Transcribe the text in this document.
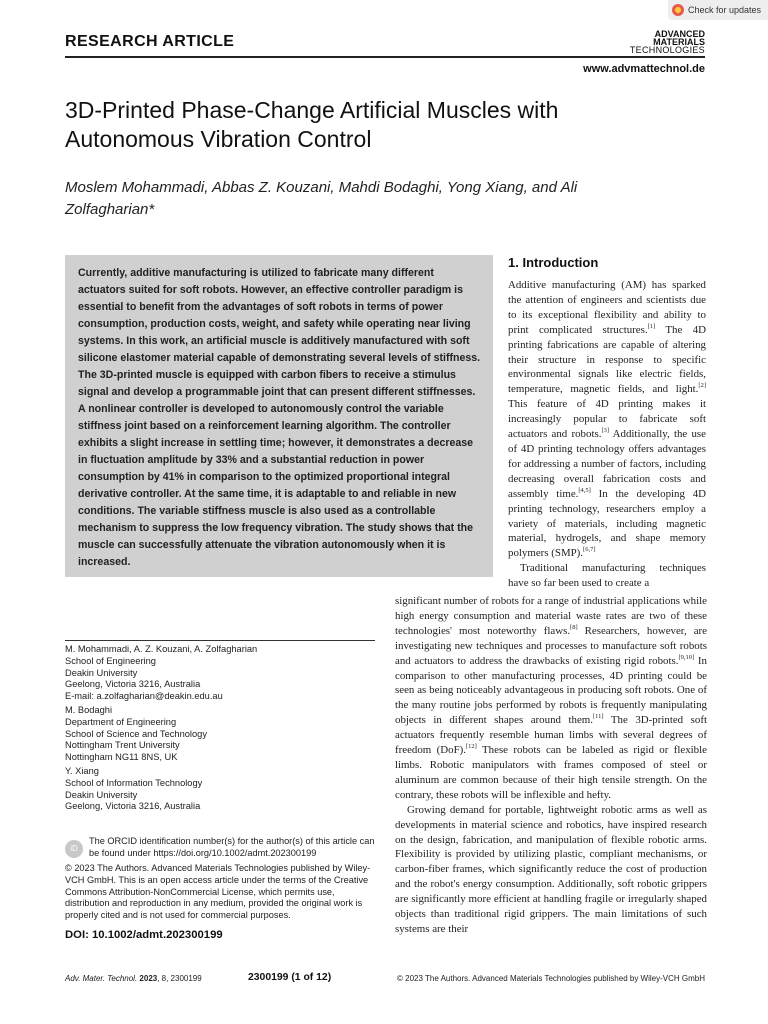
Check for updates
RESEARCH ARTICLE	ADVANCED
MATERIALS
TECHNOLOGIES
www.advmattechnol.de
3D-Printed Phase-Change Artificial Muscles with Autonomous Vibration Control

Moslem Mohammadi, Abbas Z. Kouzani, Mahdi Bodaghi, Yong Xiang, and Ali Zolfagharian*

Currently, additive manufacturing is utilized to fabricate many different actuators suited for soft robots. However, an effective controller paradigm is essential to benefit from the advantages of soft robots in terms of power consumption, production costs, weight, and safety while operating near living systems. In this work, an artificial muscle is additively manufactured with soft silicone elastomer material capable of demonstrating several levels of stiffness. The 3D-printed muscle is equipped with carbon fibers to receive a stimulus signal and develop a programmable joint that can present different stiffnesses. A nonlinear controller is developed to autonomously control the variable stiffness joint based on a reinforcement learning algorithm. The controller exhibits a slight increase in settling time; however, it demonstrates a decrease in fluctuation amplitude by 33% and a substantial reduction in power consumption by 41% in comparison to the optimized proportional integral derivative controller. At the same time, it is adaptable to and reliable in new conditions. The variable stiffness muscle is also used as a controllable mechanism to suppress the low frequency vibration. The study shows that the muscle can successfully attenuate the vibration autonomously when it is increased.
M. Mohammadi, A. Z. Kouzani, A. Zolfagharian
School of Engineering
Deakin University
Geelong, Victoria 3216, Australia
E-mail: a.zolfagharian@deakin.edu.au
M. Bodaghi
Department of Engineering
School of Science and Technology
Nottingham Trent University
Nottingham NG11 8NS, UK
Y. Xiang
School of Information Technology
Deakin University
Geelong, Victoria 3216, Australia
iD
The ORCID identification number(s) for the author(s) of this article can be found under https://doi.org/10.1002/admt.202300199
© 2023 The Authors. Advanced Materials Technologies published by Wiley-VCH GmbH. This is an open access article under the terms of the Creative Commons Attribution-NonCommercial License, which permits use, distribution and reproduction in any medium, provided the original work is properly cited and is not used for commercial purposes.
DOI: 10.1002/admt.202300199
1. Introduction

Additive manufacturing (AM) has sparked the attention of engineers and scientists due to its exceptional flexibility and ability to print complicated structures.[1] The 4D printing fabrications are capable of altering their structure in response to specific environmental signals like electric fields, temperature, magnetic fields, and light.[2] This feature of 4D printing makes it increasingly popular to fabricate soft actuators and robots.[3] Additionally, the use of 4D printing technology offers advantages for addressing a number of factors, including decreasing overall fabrication costs and assembly time.[4,5] In the developing 4D printing technology, researchers employ a variety of materials, including magnetic material, hydrogels, and shape memory polymers (SMP).[6,7]

Traditional manufacturing techniques have so far been used to create a

significant number of robots for a range of industrial applications while high energy consumption and material waste rates are two of these technologies' most noteworthy flaws.[8] Researchers, however, are investigating new techniques and processes to manufacture soft robots and actuators to address the drawbacks of existing rigid robots.[9,10] In comparison to other manufacturing processes, 4D printing could be seen as being noticeably advantageous in producing soft robots. One of the many routine jobs performed by robots is frequently manipulating objects in different shapes around them.[11] The 3D-printed soft actuators frequently resemble human limbs with several degrees of freedom (DoF).[12] These robots can be labeled as rigid or flexible limbs. Robotic manipulators with frames composed of steel or aluminum are common because of their high tensile strength. On the contrary, these robots will be inflexible and hefty.

Growing demand for portable, lightweight robotic arms as well as developments in material science and robotics, have inspired research on the design, fabrication, and manipulation of flexible robotic arms. Flexibility is provided by utilizing plastic, compliant mechanisms, or carbon-fiber frames, which significantly reduce the cost of production and the robot's energy consumption. Additionally, soft robotic grippers are significantly more efficient at handling fragile or irregularly shaped objects than traditional rigid grippers. The main limitations of such systems are their

Adv. Mater. Technol. 2023, 8, 2300199	2300199 (1 of 12)	© 2023 The Authors. Advanced Materials Technologies published by Wiley-VCH GmbH
